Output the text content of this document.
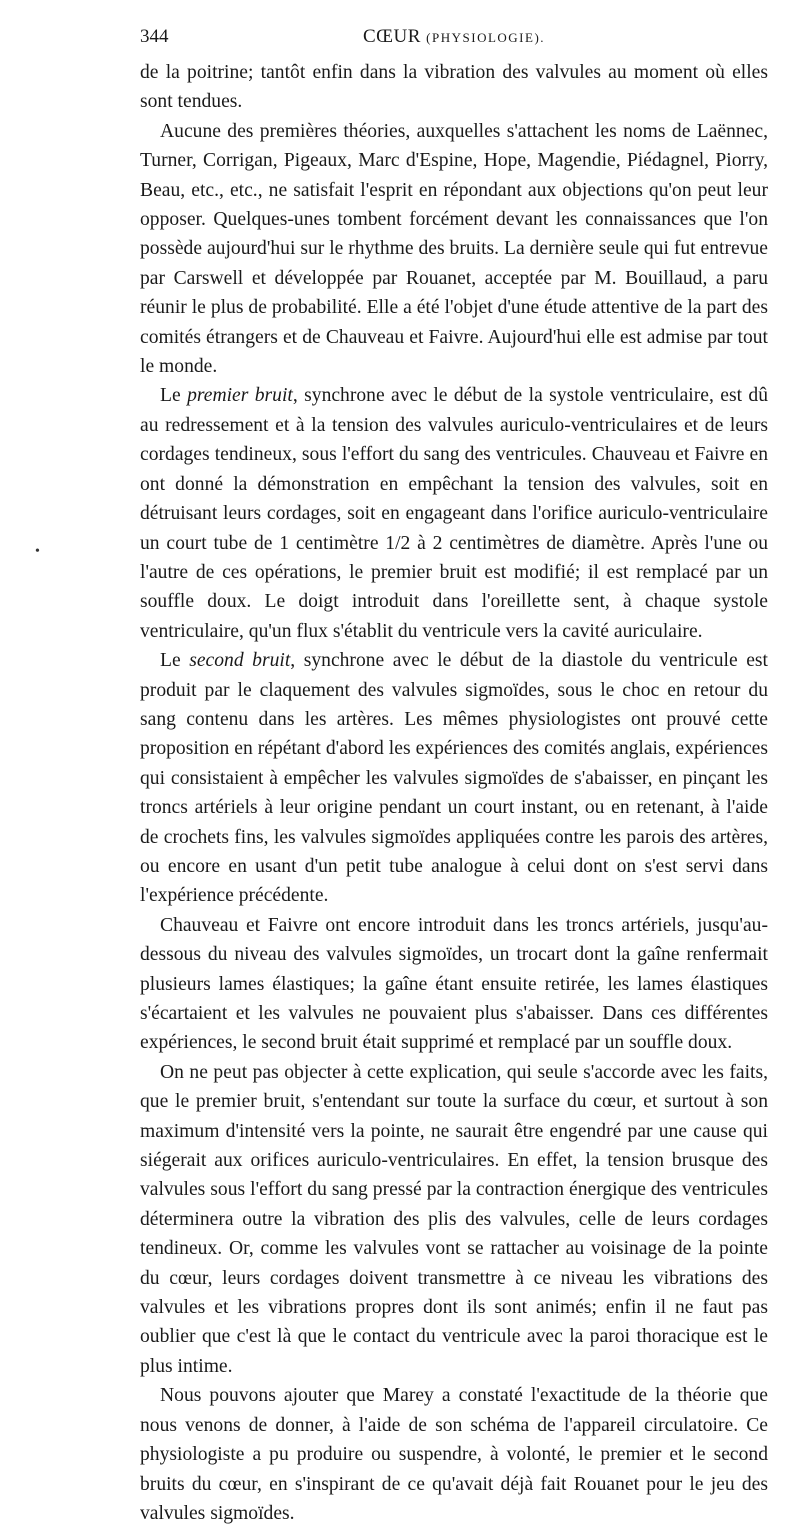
•
344	CŒUR (PHYSIOLOGIE).

de la poitrine; tantôt enfin dans la vibration des valvules au moment où elles sont tendues.

Aucune des premières théories, auxquelles s'attachent les noms de Laënnec, Turner, Corrigan, Pigeaux, Marc d'Espine, Hope, Magendie, Piédagnel, Piorry, Beau, etc., etc., ne satisfait l'esprit en répondant aux objections qu'on peut leur opposer. Quelques-unes tombent forcément devant les connaissances que l'on possède aujourd'hui sur le rhythme des bruits. La dernière seule qui fut entrevue par Carswell et développée par Rouanet, acceptée par M. Bouillaud, a paru réunir le plus de probabilité. Elle a été l'objet d'une étude attentive de la part des comités étrangers et de Chauveau et Faivre. Aujourd'hui elle est admise par tout le monde.

Le premier bruit, synchrone avec le début de la systole ventriculaire, est dû au redressement et à la tension des valvules auriculo-ventriculaires et de leurs cordages tendineux, sous l'effort du sang des ventricules. Chauveau et Faivre en ont donné la démonstration en empêchant la tension des valvules, soit en détruisant leurs cordages, soit en engageant dans l'orifice auriculo-ventriculaire un court tube de 1 centimètre 1/2 à 2 centimètres de diamètre. Après l'une ou l'autre de ces opérations, le premier bruit est modifié; il est remplacé par un souffle doux. Le doigt introduit dans l'oreillette sent, à chaque systole ventriculaire, qu'un flux s'établit du ventricule vers la cavité auriculaire.

Le second bruit, synchrone avec le début de la diastole du ventricule est produit par le claquement des valvules sigmoïdes, sous le choc en retour du sang contenu dans les artères. Les mêmes physiologistes ont prouvé cette proposition en répétant d'abord les expériences des comités anglais, expériences qui consistaient à empêcher les valvules sigmoïdes de s'abaisser, en pinçant les troncs artériels à leur origine pendant un court instant, ou en retenant, à l'aide de crochets fins, les valvules sigmoïdes appliquées contre les parois des artères, ou encore en usant d'un petit tube analogue à celui dont on s'est servi dans l'expérience précédente.

Chauveau et Faivre ont encore introduit dans les troncs artériels, jusqu'au-dessous du niveau des valvules sigmoïdes, un trocart dont la gaîne renfermait plusieurs lames élastiques; la gaîne étant ensuite retirée, les lames élastiques s'écartaient et les valvules ne pouvaient plus s'abaisser. Dans ces différentes expériences, le second bruit était supprimé et remplacé par un souffle doux.

On ne peut pas objecter à cette explication, qui seule s'accorde avec les faits, que le premier bruit, s'entendant sur toute la surface du cœur, et surtout à son maximum d'intensité vers la pointe, ne saurait être engendré par une cause qui siégerait aux orifices auriculo-ventriculaires. En effet, la tension brusque des valvules sous l'effort du sang pressé par la contraction énergique des ventricules déterminera outre la vibration des plis des valvules, celle de leurs cordages tendineux. Or, comme les valvules vont se rattacher au voisinage de la pointe du cœur, leurs cordages doivent transmettre à ce niveau les vibrations des valvules et les vibrations propres dont ils sont animés; enfin il ne faut pas oublier que c'est là que le contact du ventricule avec la paroi thoracique est le plus intime.

Nous pouvons ajouter que Marey a constaté l'exactitude de la théorie que nous venons de donner, à l'aide de son schéma de l'appareil circulatoire. Ce physiologiste a pu produire ou suspendre, à volonté, le premier et le second bruits du cœur, en s'inspirant de ce qu'avait déjà fait Rouanet pour le jeu des valvules sigmoïdes.
